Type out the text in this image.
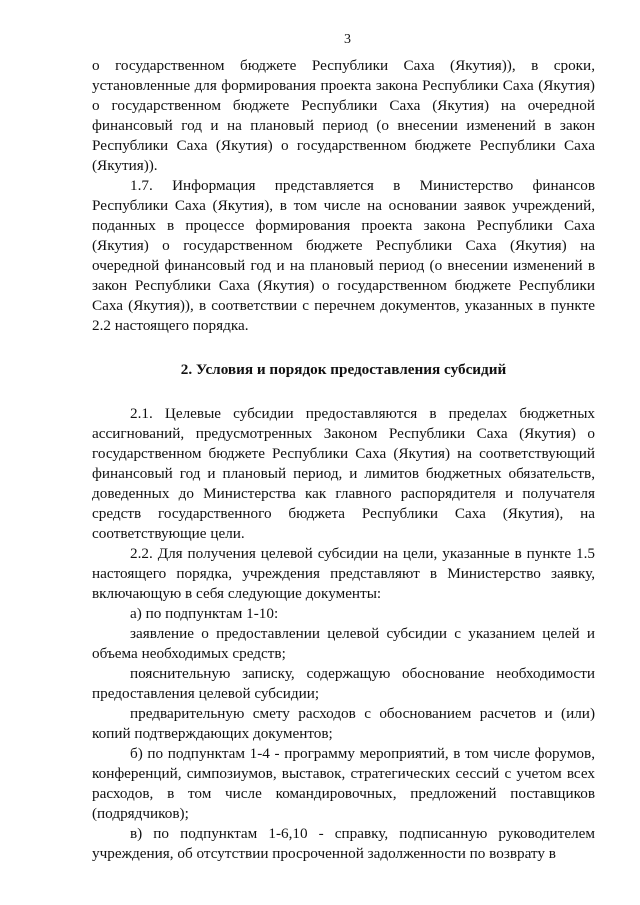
3

о государственном бюджете Республики Саха (Якутия)), в сроки, установленные для формирования проекта закона Республики Саха (Якутия) о государственном бюджете Республики Саха (Якутия) на очередной финансовый год и на плановый период (о внесении изменений в закон Республики Саха (Якутия) о государственном бюджете Республики Саха (Якутия)).

1.7. Информация представляется в Министерство финансов Республики Саха (Якутия), в том числе на основании заявок учреждений, поданных в процессе формирования проекта закона Республики Саха (Якутия) о государственном бюджете Республики Саха (Якутия) на очередной финансовый год и на плановый период (о внесении изменений в закон Республики Саха (Якутия) о государственном бюджете Республики Саха (Якутия)), в соответствии с перечнем документов, указанных в пункте 2.2 настоящего порядка.

2. Условия и порядок предоставления субсидий

2.1. Целевые субсидии предоставляются в пределах бюджетных ассигнований, предусмотренных Законом Республики Саха (Якутия) о государственном бюджете Республики Саха (Якутия) на соответствующий финансовый год и плановый период, и лимитов бюджетных обязательств, доведенных до Министерства как главного распорядителя и получателя средств государственного бюджета Республики Саха (Якутия), на соответствующие цели.

2.2. Для получения целевой субсидии на цели, указанные в пункте 1.5 настоящего порядка, учреждения представляют в Министерство заявку, включающую в себя следующие документы:

а) по подпунктам 1-10:

заявление о предоставлении целевой субсидии с указанием целей и объема необходимых средств;

пояснительную записку, содержащую обоснование необходимости предоставления целевой субсидии;

предварительную смету расходов с обоснованием расчетов и (или) копий подтверждающих документов;

б) по подпунктам 1-4 - программу мероприятий, в том числе форумов, конференций, симпозиумов, выставок, стратегических сессий с учетом всех расходов, в том числе командировочных, предложений поставщиков (подрядчиков);

в) по подпунктам 1-6,10 - справку, подписанную руководителем учреждения, об отсутствии просроченной задолженности по возврату в
